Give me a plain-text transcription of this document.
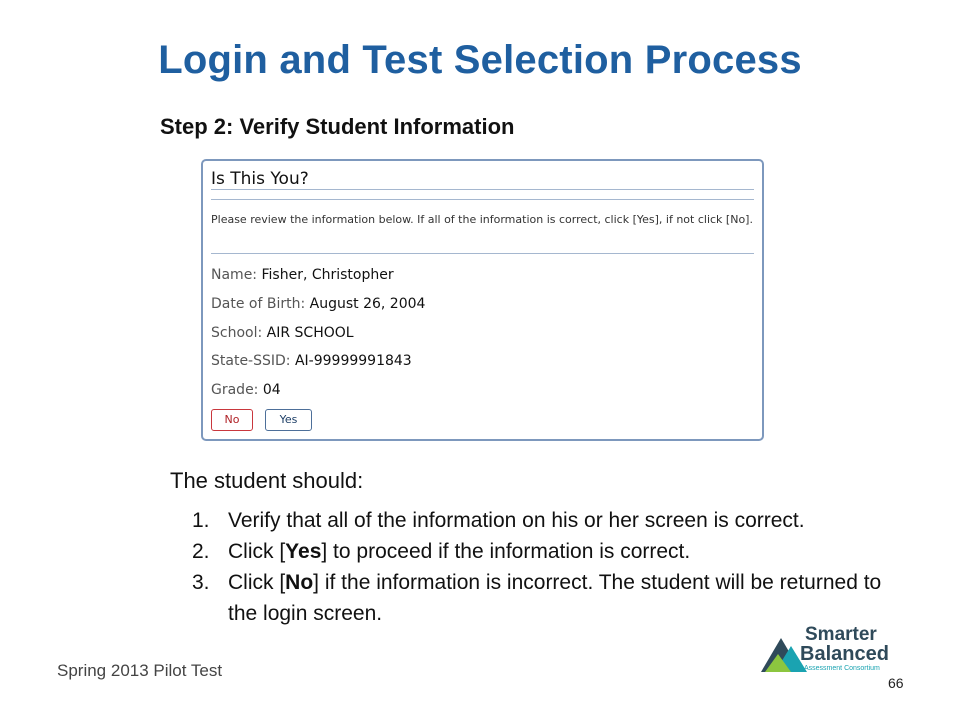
Login and Test Selection Process
Step 2: Verify Student Information
Is This You?
Please review the information below. If all of the information is correct, click [Yes], if not click [No].
Name: Fisher, Christopher
Date of Birth: August 26, 2004
School: AIR SCHOOL
State-SSID: AI-99999991843
Grade: 04
No	Yes
The student should:
1. Verify that all of the information on his or her screen is correct.
2. Click [Yes] to proceed if the information is correct.
3. Click [No] if the information is incorrect. The student will be returned to the login screen.
Spring 2013 Pilot Test
Smarter
Balanced
Assessment Consortium
66
